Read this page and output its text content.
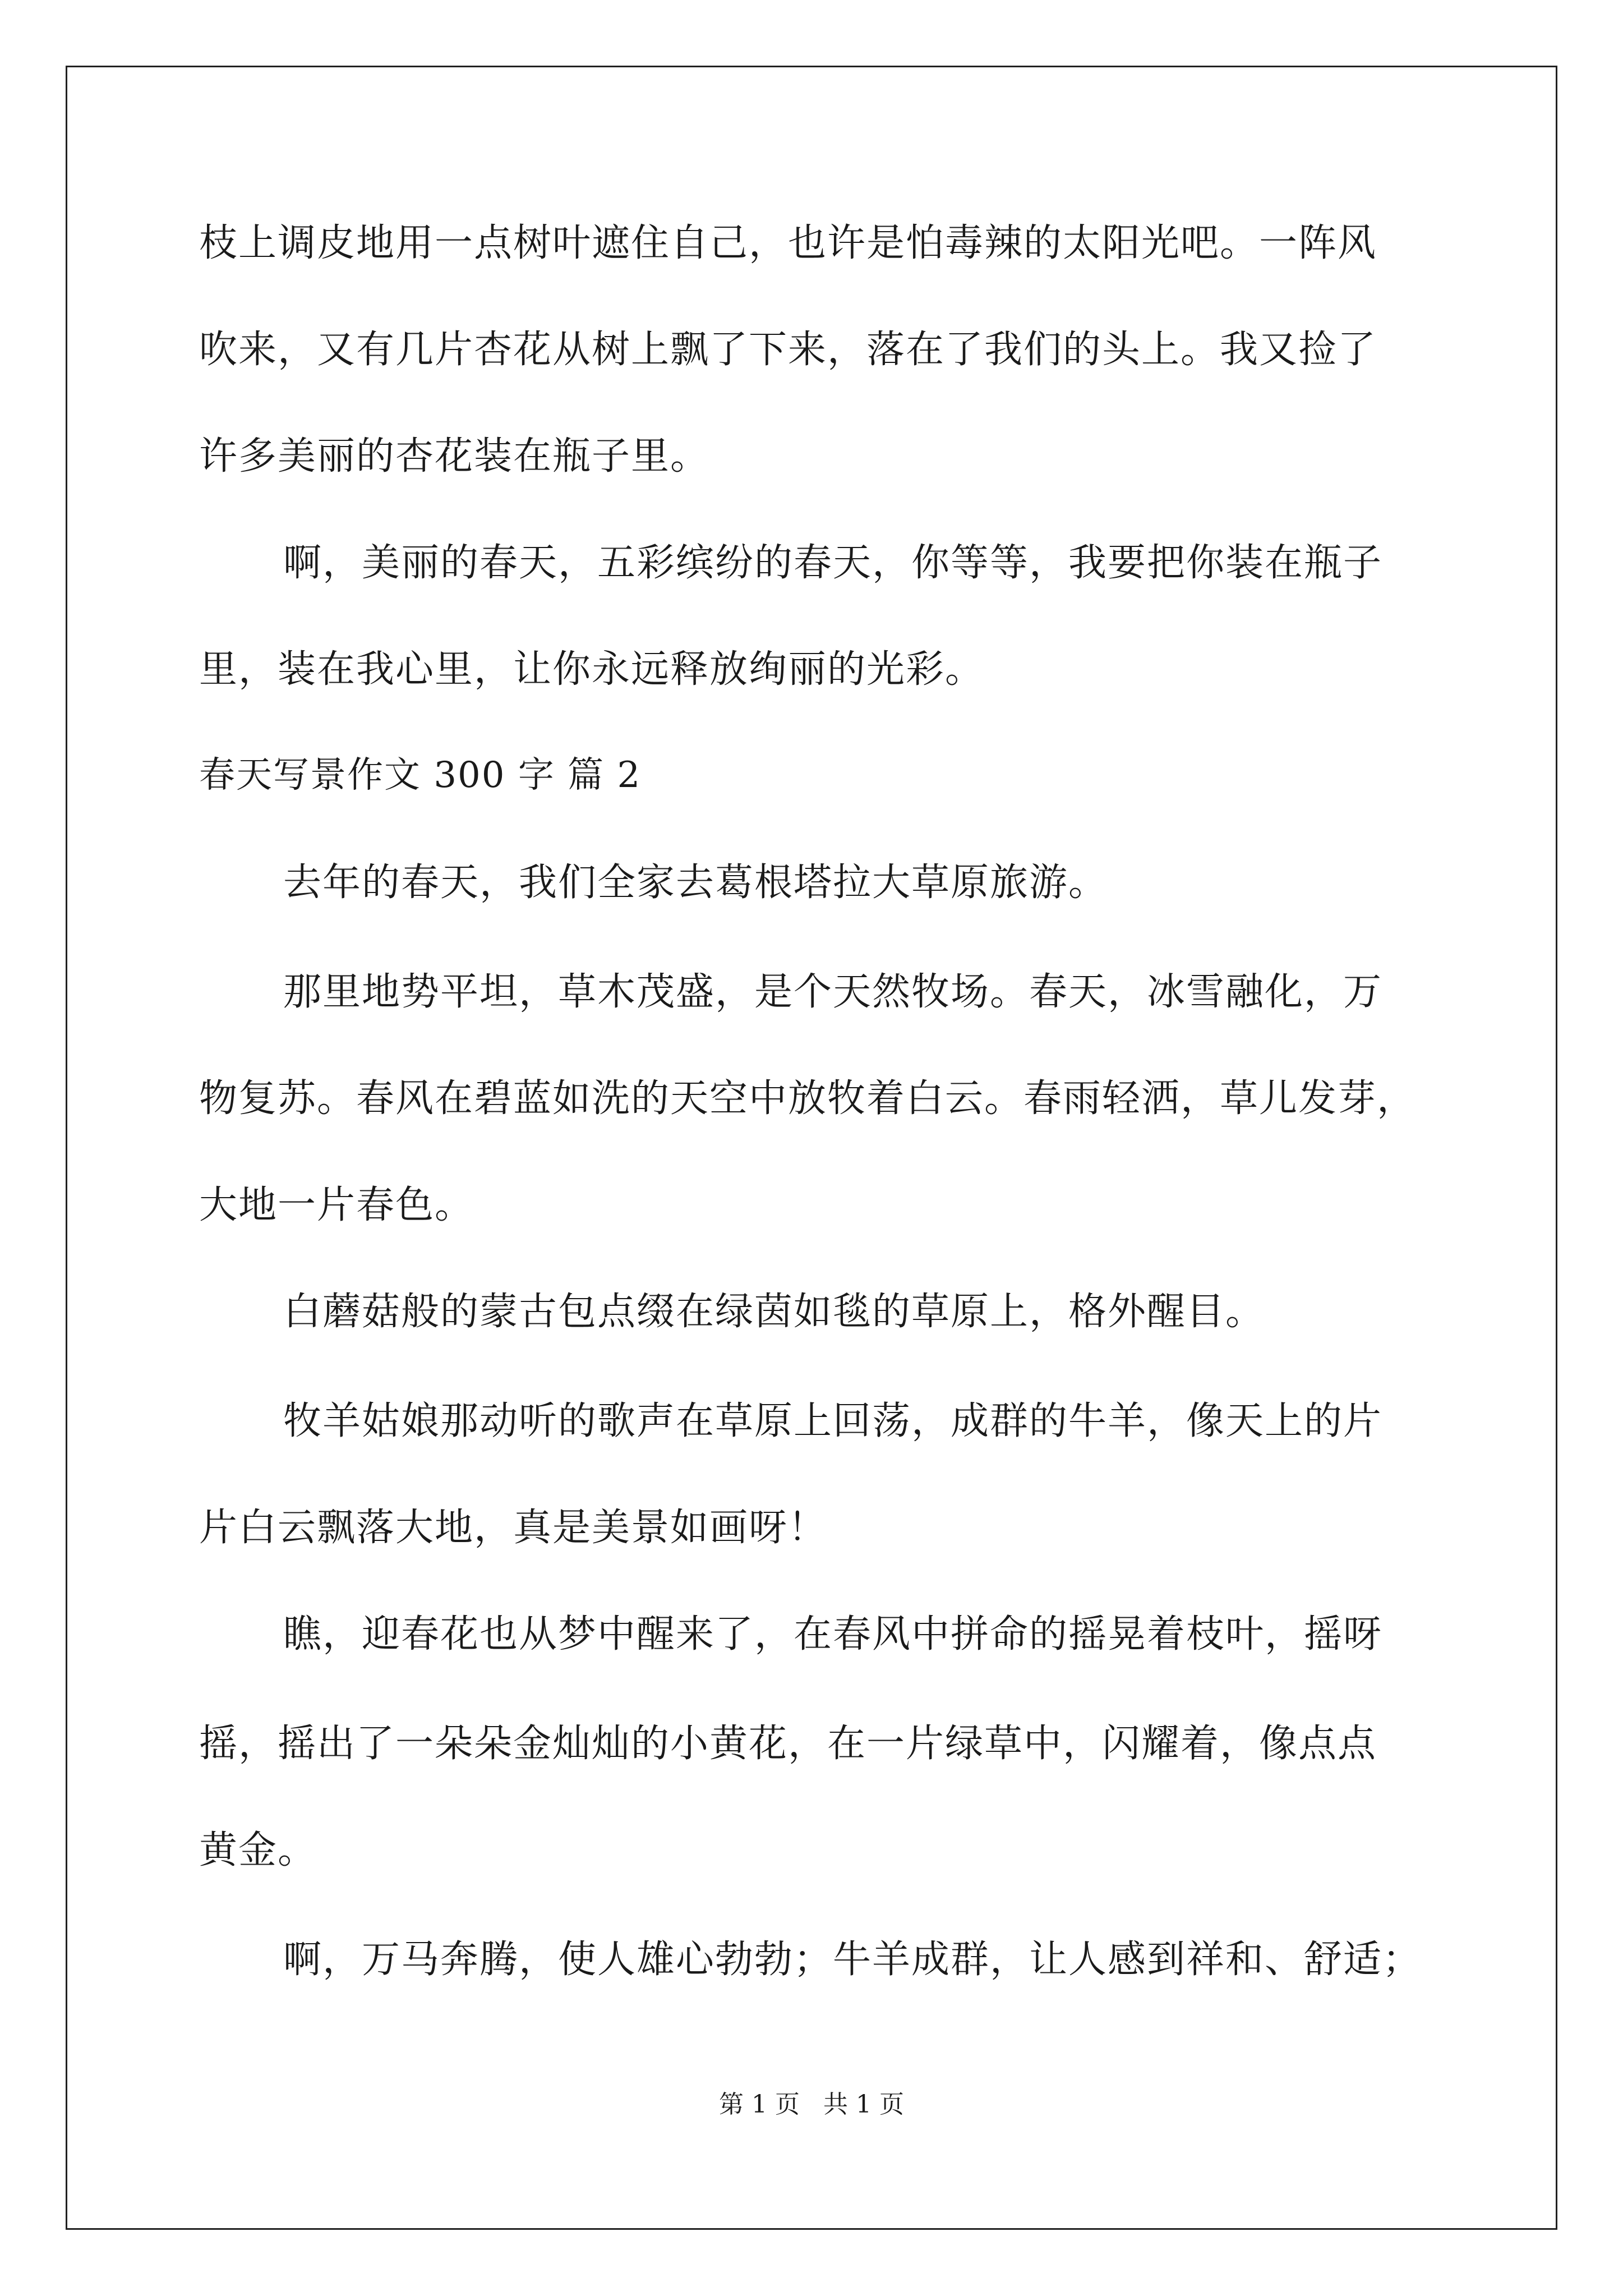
枝上调皮地用一点树叶遮住自己，也许是怕毒辣的太阳光吧。一阵风
吹来，又有几片杏花从树上飘了下来，落在了我们的头上。我又捡了
许多美丽的杏花装在瓶子里。
啊，美丽的春天，五彩缤纷的春天，你等等，我要把你装在瓶子
里，装在我心里，让你永远释放绚丽的光彩。
春天写景作文 300 字 篇 2
去年的春天，我们全家去葛根塔拉大草原旅游。
那里地势平坦，草木茂盛，是个天然牧场。春天，冰雪融化，万
物复苏。春风在碧蓝如洗的天空中放牧着白云。春雨轻洒，草儿发芽，
大地一片春色。
白蘑菇般的蒙古包点缀在绿茵如毯的草原上，格外醒目。
牧羊姑娘那动听的歌声在草原上回荡，成群的牛羊，像天上的片
片白云飘落大地，真是美景如画呀！
瞧，迎春花也从梦中醒来了，在春风中拼命的摇晃着枝叶，摇呀
摇，摇出了一朵朵金灿灿的小黄花，在一片绿草中，闪耀着，像点点
黄金。
啊，万马奔腾，使人雄心勃勃；牛羊成群，让人感到祥和、舒适；
第 1 页   共 1 页
